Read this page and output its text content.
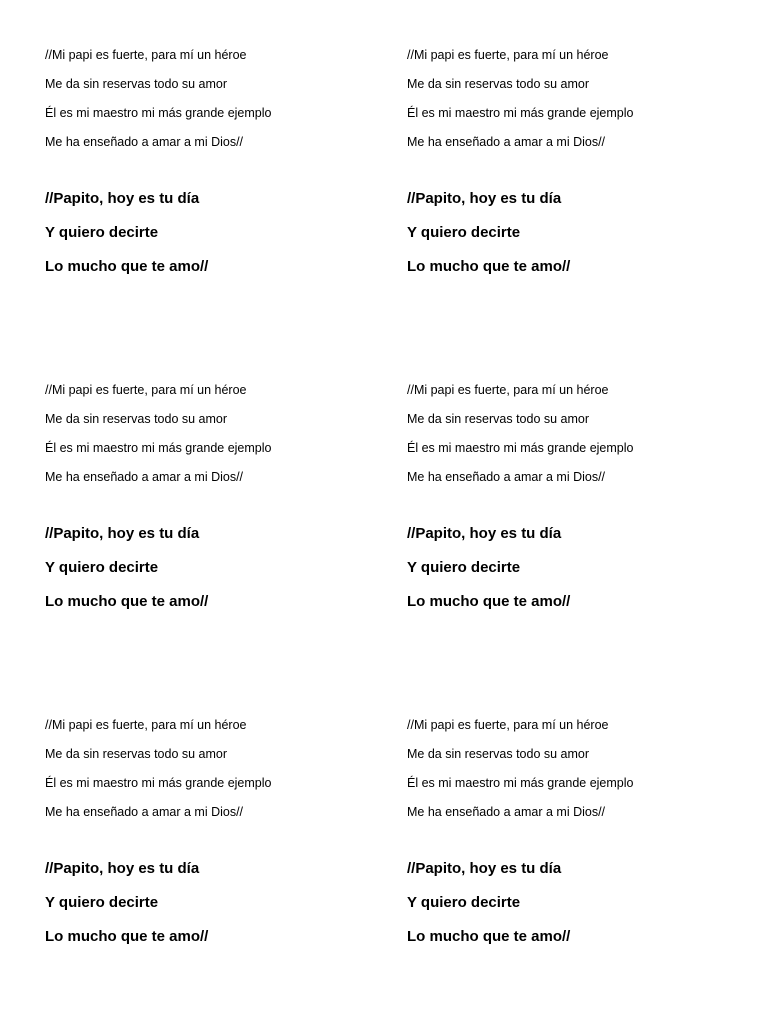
//Mi papi es fuerte, para mí un héroe
Me da sin reservas todo su amor
Él es mi maestro mi más grande ejemplo
Me ha enseñado a amar a mi Dios//
//Papito, hoy es tu día
Y quiero decirte
Lo mucho que te amo//
//Mi papi es fuerte, para mí un héroe
Me da sin reservas todo su amor
Él es mi maestro mi más grande ejemplo
Me ha enseñado a amar a mi Dios//
//Papito, hoy es tu día
Y quiero decirte
Lo mucho que te amo//
//Mi papi es fuerte, para mí un héroe
Me da sin reservas todo su amor
Él es mi maestro mi más grande ejemplo
Me ha enseñado a amar a mi Dios//
//Papito, hoy es tu día
Y quiero decirte
Lo mucho que te amo//
//Mi papi es fuerte, para mí un héroe
Me da sin reservas todo su amor
Él es mi maestro mi más grande ejemplo
Me ha enseñado a amar a mi Dios//
//Papito, hoy es tu día
Y quiero decirte
Lo mucho que te amo//
//Mi papi es fuerte, para mí un héroe
Me da sin reservas todo su amor
Él es mi maestro mi más grande ejemplo
Me ha enseñado a amar a mi Dios//
//Papito, hoy es tu día
Y quiero decirte
Lo mucho que te amo//
//Mi papi es fuerte, para mí un héroe
Me da sin reservas todo su amor
Él es mi maestro mi más grande ejemplo
Me ha enseñado a amar a mi Dios//
//Papito, hoy es tu día
Y quiero decirte
Lo mucho que te amo//
